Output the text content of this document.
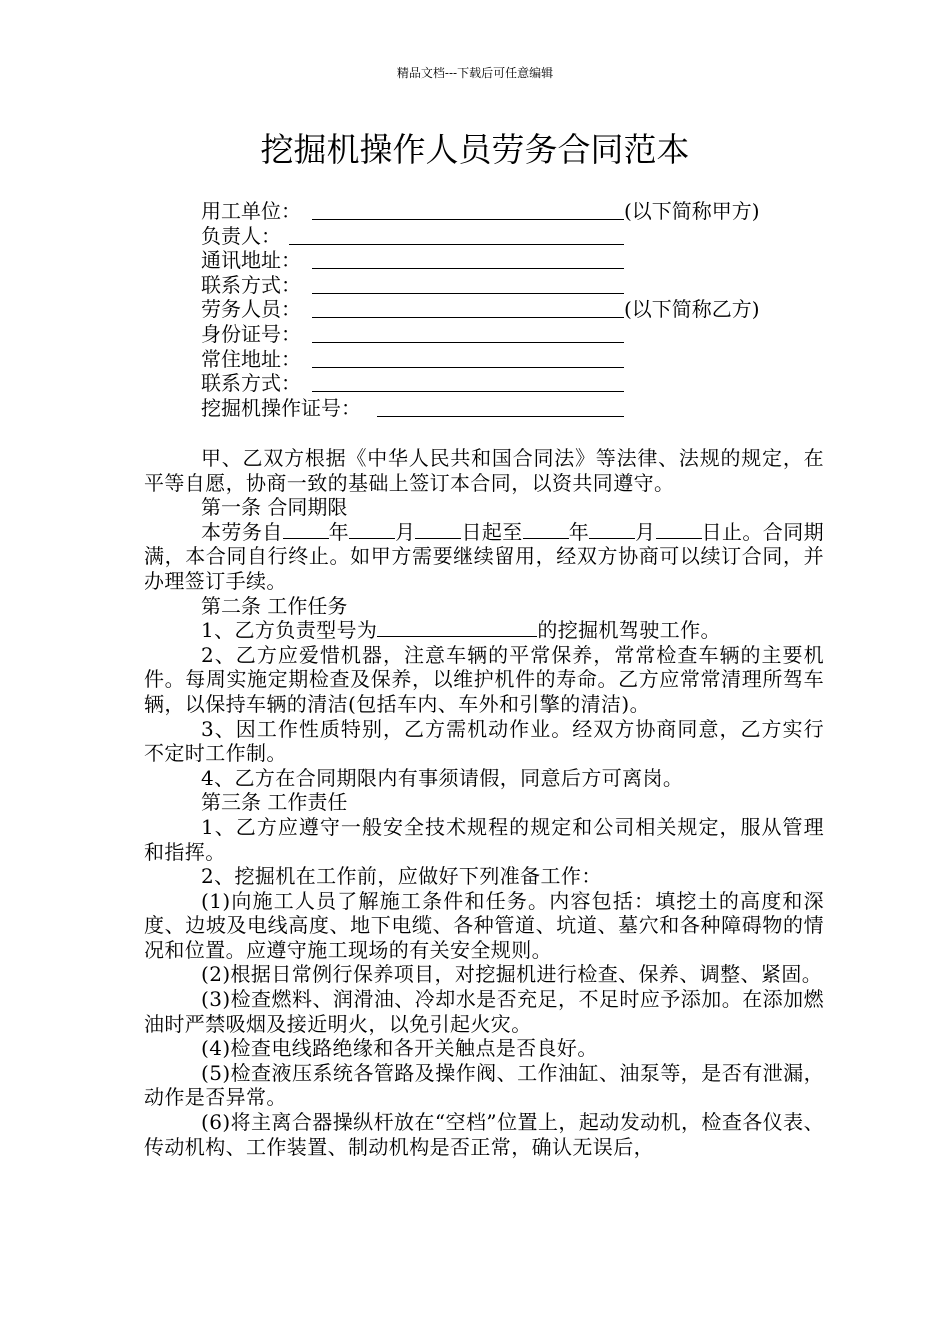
精品文档---下载后可任意编辑
挖掘机操作人员劳务合同范本
用工单位：	(以下简称甲方)
负责人：
通讯地址：
联系方式：
劳务人员：	(以下简称乙方)
身份证号：
常住地址：
联系方式：
挖掘机操作证号：

甲、乙双方根据《中华人民共和国合同法》等法律、法规的规定，在平等自愿，协商一致的基础上签订本合同，以资共同遵守。

第一条 合同期限

本劳务自 年 月 日起至 年 月 日止。合同期满，本合同自行终止。如甲方需要继续留用，经双方协商可以续订合同，并办理签订手续。

第二条 工作任务

1、乙方负责型号为	的挖掘机驾驶工作。

2、乙方应爱惜机器，注意车辆的平常保养，常常检查车辆的主要机件。每周实施定期检查及保养，以维护机件的寿命。乙方应常常清理所驾车辆，以保持车辆的清洁(包括车内、车外和引擎的清洁)。

3、因工作性质特别，乙方需机动作业。经双方协商同意，乙方实行不定时工作制。

4、乙方在合同期限内有事须请假，同意后方可离岗。

第三条 工作责任

1、乙方应遵守一般安全技术规程的规定和公司相关规定，服从管理和指挥。

2、挖掘机在工作前，应做好下列准备工作：

(1)向施工人员了解施工条件和任务。内容包括：填挖土的高度和深度、边坡及电线高度、地下电缆、各种管道、坑道、墓穴和各种障碍物的情况和位置。应遵守施工现场的有关安全规则。

(2)根据日常例行保养项目，对挖掘机进行检查、保养、调整、紧固。

(3)检查燃料、润滑油、冷却水是否充足，不足时应予添加。在添加燃油时严禁吸烟及接近明火，以免引起火灾。

(4)检查电线路绝缘和各开关触点是否良好。

(5)检查液压系统各管路及操作阀、工作油缸、油泵等，是否有泄漏，动作是否异常。

(6)将主离合器操纵杆放在“空档”位置上，起动发动机，检查各仪表、传动机构、工作装置、制动机构是否正常，确认无误后，
